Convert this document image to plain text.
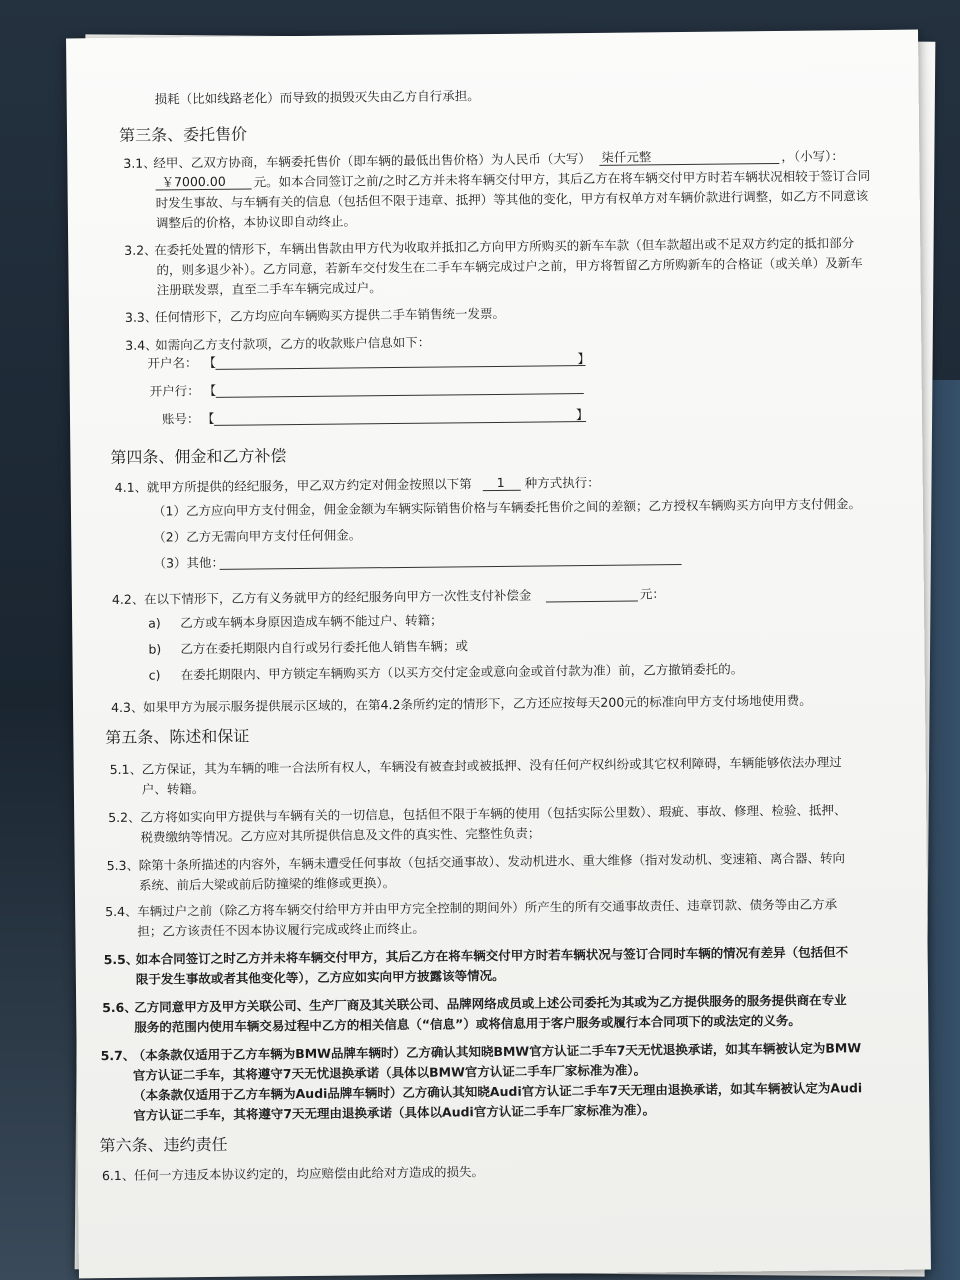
损耗（比如线路老化）而导致的损毁灭失由乙方自行承担。
第三条、委托售价
3.1、
经甲、乙双方协商，车辆委托售价（即车辆的最低出售价格）为人民币（大写） 柒仟元整	，（小写）：
￥7000.00 元。如本合同签订之前/之时乙方并未将车辆交付甲方，其后乙方在将车辆交付甲方时若车辆状况相较于签订合同
时发生事故、与车辆有关的信息（包括但不限于违章、抵押）等其他的变化，甲方有权单方对车辆价款进行调整，如乙方不同意该
调整后的价格，本协议即自动终止。
3.2、
在委托处置的情形下，车辆出售款由甲方代为收取并抵扣乙方向甲方所购买的新车车款（但车款超出或不足双方约定的抵扣部分
的，则多退少补）。乙方同意，若新车交付发生在二手车车辆完成过户之前，甲方将暂留乙方所购新车的合格证（或关单）及新车
注册联发票，直至二手车车辆完成过户。
3.3、
任何情形下，乙方均应向车辆购买方提供二手车销售统一发票。
3.4、
如需向乙方支付款项，乙方的收款账户信息如下：
开户名： 【	】
开户行： 【
账号： 【	】
第四条、佣金和乙方补偿
4.1、 就甲方所提供的经纪服务，甲乙双方约定对佣金按照以下第 1 种方式执行：
（1）乙方应向甲方支付佣金，佣金金额为车辆实际销售价格与车辆委托售价之间的差额；乙方授权车辆购买方向甲方支付佣金。
（2）乙方无需向甲方支付任何佣金。
（3）其他：
4.2、 在以下情形下，乙方有义务就甲方的经纪服务向甲方一次性支付补偿金	元：
a) 乙方或车辆本身原因造成车辆不能过户、转籍；
b) 乙方在委托期限内自行或另行委托他人销售车辆；或
c) 在委托期限内、甲方锁定车辆购买方（以买方交付定金或意向金或首付款为准）前，乙方撤销委托的。
4.3、 如果甲方为展示服务提供展示区域的，在第4.2条所约定的情形下，乙方还应按每天200元的标准向甲方支付场地使用费。
第五条、陈述和保证
5.1、 乙方保证，其为车辆的唯一合法所有权人，车辆没有被查封或被抵押、没有任何产权纠纷或其它权利障碍，车辆能够依法办理过
户、转籍。
5.2、 乙方将如实向甲方提供与车辆有关的一切信息，包括但不限于车辆的使用（包括实际公里数）、瑕疵、事故、修理、检验、抵押、
税费缴纳等情况。乙方应对其所提供信息及文件的真实性、完整性负责；
5.3、 除第十条所描述的内容外，车辆未遭受任何事故（包括交通事故）、发动机进水、重大维修（指对发动机、变速箱、离合器、转向
系统、前后大梁或前后防撞梁的维修或更换）。
5.4、 车辆过户之前（除乙方将车辆交付给甲方并由甲方完全控制的期间外）所产生的所有交通事故责任、违章罚款、债务等由乙方承
担；乙方该责任不因本协议履行完成或终止而终止。
5.5、
如本合同签订之时乙方并未将车辆交付甲方，其后乙方在将车辆交付甲方时若车辆状况与签订合同时车辆的情况有差异（包括但不
限于发生事故或者其他变化等），乙方应如实向甲方披露该等情况。
5.6、
乙方同意甲方及甲方关联公司、生产厂商及其关联公司、品牌网络成员或上述公司委托为其或为乙方提供服务的服务提供商在专业
服务的范围内使用车辆交易过程中乙方的相关信息（“信息”）或将信息用于客户服务或履行本合同项下的或法定的义务。
5.7、
（本条款仅适用于乙方车辆为BMW品牌车辆时）乙方确认其知晓BMW官方认证二手车7天无忧退换承诺，如其车辆被认定为BMW
官方认证二手车，其将遵守7天无忧退换承诺（具体以BMW官方认证二手车厂家标准为准）。
（本条款仅适用于乙方车辆为Audi品牌车辆时）乙方确认其知晓Audi官方认证二手车7天无理由退换承诺，如其车辆被认定为Audi
官方认证二手车，其将遵守7天无理由退换承诺（具体以Audi官方认证二手车厂家标准为准）。
第六条、违约责任
6.1、 任何一方违反本协议约定的，均应赔偿由此给对方造成的损失。
